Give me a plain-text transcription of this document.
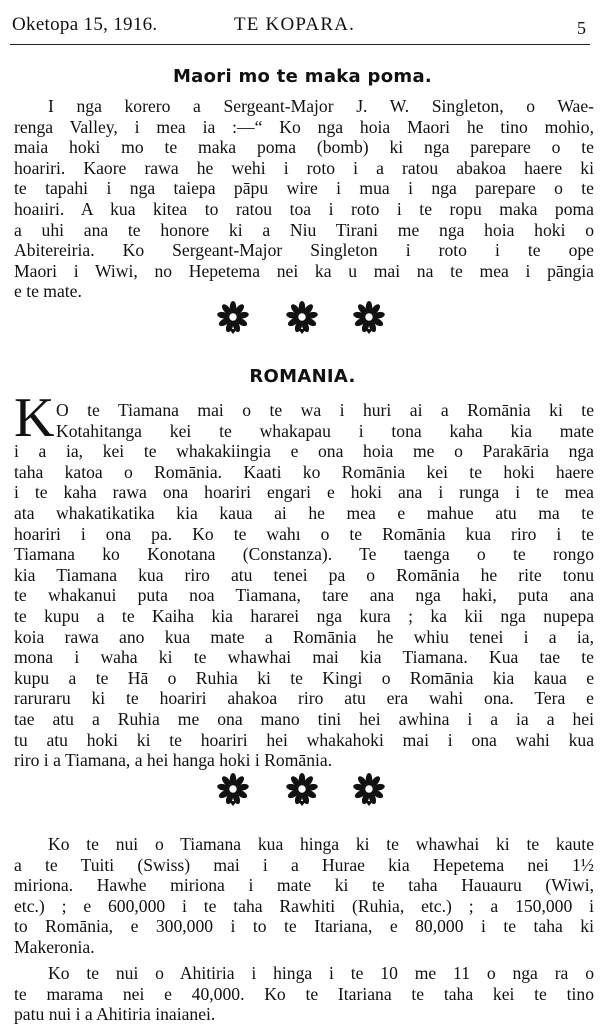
Oketopa 15, 1916.	TE KOPARA.	5
Maori mo te maka poma.
I nga korero a Sergeant-Major J. W. Singleton, o Wae-
renga Valley, i mea ia :—“ Ko nga hoia Maori he tino mohio,
maia hoki mo te maka poma (bomb) ki nga parepare o te
hoariri. Kaore rawa he wehi i roto i a ratou abakoa haere ki
te tapahi i nga taiepa pāpu wire i mua i nga parepare o te
hoaıiri. A kua kitea to ratou toa i roto i te ropu maka poma
a uhi ana te honore ki a Niu Tirani me nga hoia hoki o
Abitereiria. Ko Sergeant-Major Singleton i roto i te ope
Maori i Wiwi, no Hepetema nei ka u mai na te mea i pāngia
e te mate.
ROMANIA.
K O te Tiamana mai o te wa i huri ai a Romānia ki te
Kotahitanga kei te whakapau i tona kaha kia mate
i a ia, kei te whakakiingia e ona hoia me o Parakāria nga
taha katoa o Romānia. Kaati ko Romānia kei te hoki haere
i te kaha rawa ona hoariri engari e hoki ana i runga i te mea
ata whakatikatika kia kaua ai he mea e mahue atu ma te
hoariri i ona pa. Ko te wahı o te Romānia kua riro i te
Tiamana ko Konotana (Constanza). Te taenga o te rongo
kia Tiamana kua riro atu tenei pa o Romānia he rite tonu
te whakanui puta noa Tiamana, tare ana nga haki, puta ana
te kupu a te Kaiha kia hararei nga kura ; ka kii nga nupepa
koia rawa ano kua mate a Romānia he whiu tenei i a ia,
mona i waha ki te whawhai mai kia Tiamana. Kua tae te
kupu a te Hā o Ruhia ki te Kingi o Romānia kia kaua e
raruraru ki te hoariri ahakoa riro atu era wahi ona. Tera e
tae atu a Ruhia me ona mano tini hei awhina i a ia a hei
tu atu hoki ki te hoariri hei whakahoki mai i ona wahi kua
riro i a Tiamana, a hei hanga hoki i Romānia.
Ko te nui o Tiamana kua hinga ki te whawhai ki te kaute
a te Tuiti (Swiss) mai i a Hurae kia Hepetema nei 1½
miriona. Hawhe miriona i mate ki te taha Hauauru (Wiwi,
etc.) ; e 600,000 i te taha Rawhiti (Ruhia, etc.) ; a 150,000 i
to Romānia, e 300,000 i to te Itariana, e 80,000 i te taha ki
Makeronia.
Ko te nui o Ahitiria i hinga i te 10 me 11 o nga ra o
te marama nei e 40,000. Ko te Itariana te taha kei te tino
patu nui i a Ahitiria inaianei.
